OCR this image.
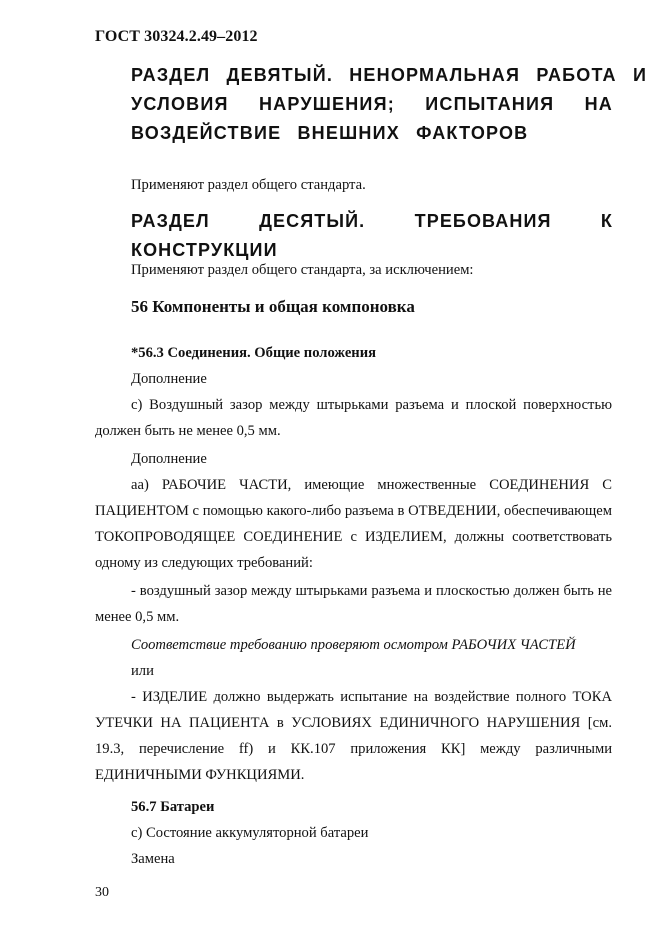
ГОСТ 30324.2.49–2012
РАЗДЕЛ ДЕВЯТЫЙ. НЕНОРМАЛЬНАЯ РАБОТА И
УСЛОВИЯ НАРУШЕНИЯ; ИСПЫТАНИЯ НА
ВОЗДЕЙСТВИЕ ВНЕШНИХ ФАКТОРОВ
Применяют раздел общего стандарта.
РАЗДЕЛ ДЕСЯТЫЙ. ТРЕБОВАНИЯ К КОНСТРУКЦИИ
Применяют раздел общего стандарта, за исключением:
56 Компоненты и общая компоновка
*56.3 Соединения. Общие положения
Дополнение
с) Воздушный зазор между штырьками разъема и плоской поверхностью должен быть не менее 0,5 мм.
Дополнение
аа) РАБОЧИЕ ЧАСТИ, имеющие множественные СОЕДИНЕНИЯ С ПАЦИЕНТОМ с помощью какого-либо разъема в ОТВЕДЕНИИ, обеспечивающем ТОКОПРОВОДЯЩЕЕ СОЕДИНЕНИЕ с ИЗДЕЛИЕМ, должны соответствовать одному из следующих требований:
- воздушный зазор между штырьками разъема и плоскостью должен быть не менее 0,5 мм.
Соответствие требованию проверяют осмотром РАБОЧИХ ЧАСТЕЙ
или
- ИЗДЕЛИЕ должно выдержать испытание на воздействие полного ТОКА УТЕЧКИ НА ПАЦИЕНТА в УСЛОВИЯХ ЕДИНИЧНОГО НАРУШЕНИЯ [см. 19.3, перечисление ff) и КК.107 приложения КК] между различными ЕДИНИЧНЫМИ ФУНКЦИЯМИ.
56.7 Батареи
с) Состояние аккумуляторной батареи
Замена
30
